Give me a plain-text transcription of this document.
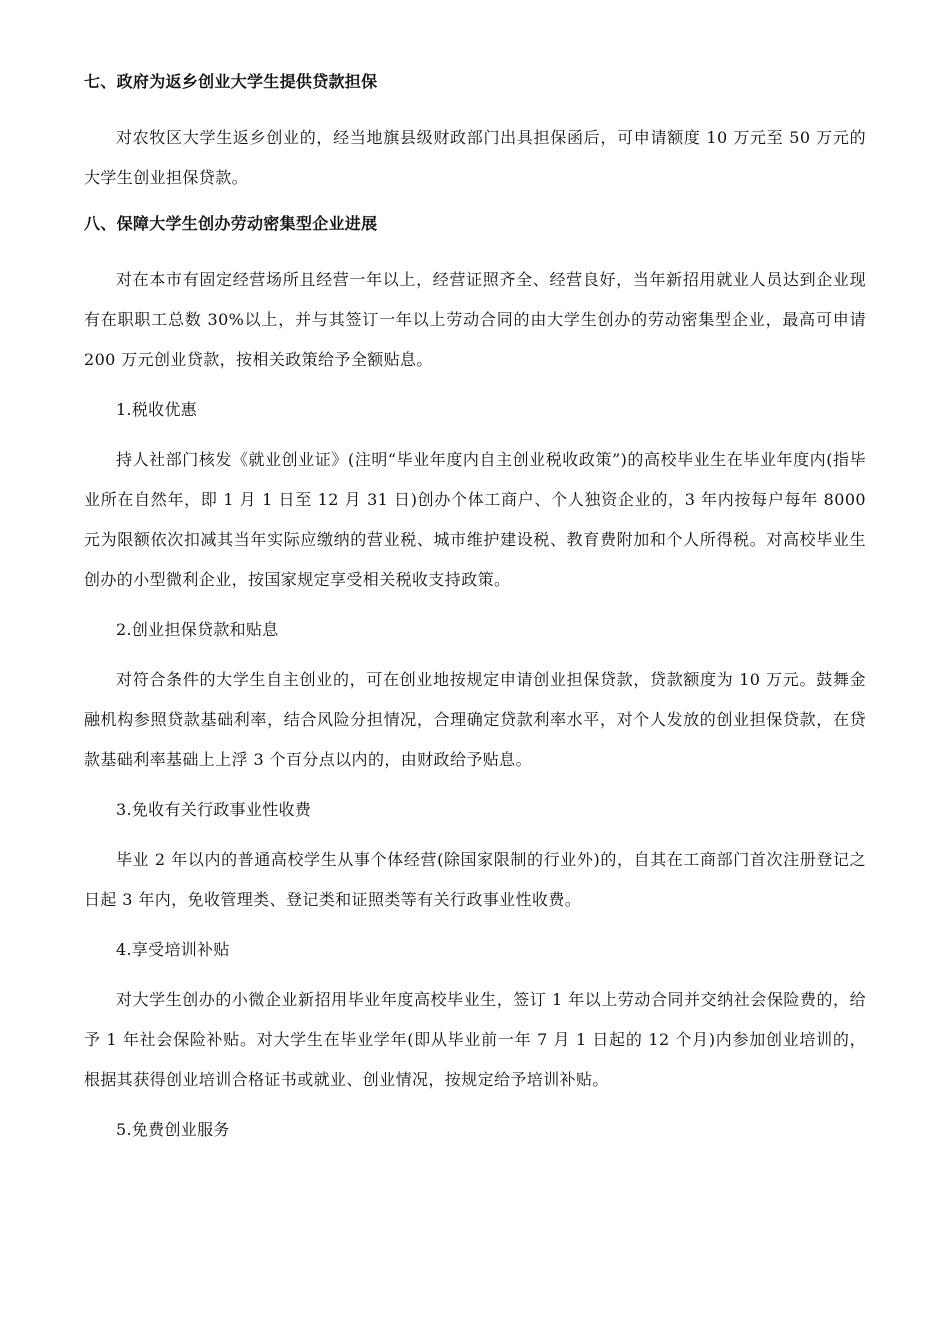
七、政府为返乡创业大学生提供贷款担保

对农牧区大学生返乡创业的，经当地旗县级财政部门出具担保函后，可申请额度 10 万元至 50 万元的大学生创业担保贷款。

八、保障大学生创办劳动密集型企业进展

对在本市有固定经营场所且经营一年以上，经营证照齐全、经营良好，当年新招用就业人员达到企业现有在职职工总数 30%以上，并与其签订一年以上劳动合同的由大学生创办的劳动密集型企业，最高可申请 200 万元创业贷款，按相关政策给予全额贴息。

1.税收优惠

持人社部门核发《就业创业证》(注明“毕业年度内自主创业税收政策”)的高校毕业生在毕业年度内(指毕业所在自然年，即 1 月 1 日至 12 月 31 日)创办个体工商户、个人独资企业的，3 年内按每户每年 8000 元为限额依次扣减其当年实际应缴纳的营业税、城市维护建设税、教育费附加和个人所得税。对高校毕业生创办的小型微利企业，按国家规定享受相关税收支持政策。

2.创业担保贷款和贴息

对符合条件的大学生自主创业的，可在创业地按规定申请创业担保贷款，贷款额度为 10 万元。鼓舞金融机构参照贷款基础利率，结合风险分担情况，合理确定贷款利率水平，对个人发放的创业担保贷款，在贷款基础利率基础上上浮 3 个百分点以内的，由财政给予贴息。

3.免收有关行政事业性收费

毕业 2 年以内的普通高校学生从事个体经营(除国家限制的行业外)的，自其在工商部门首次注册登记之日起 3 年内，免收管理类、登记类和证照类等有关行政事业性收费。

4.享受培训补贴

对大学生创办的小微企业新招用毕业年度高校毕业生，签订 1 年以上劳动合同并交纳社会保险费的，给予 1 年社会保险补贴。对大学生在毕业学年(即从毕业前一年 7 月 1 日起的 12 个月)内参加创业培训的，根据其获得创业培训合格证书或就业、创业情况，按规定给予培训补贴。

5.免费创业服务
